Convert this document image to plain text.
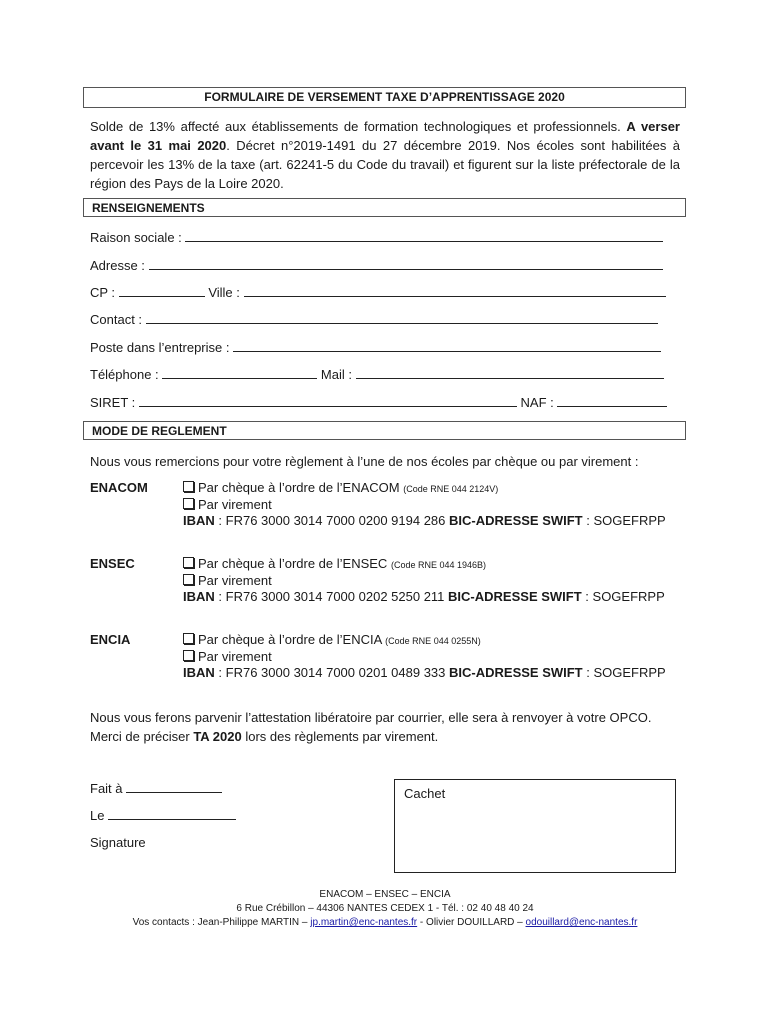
FORMULAIRE DE VERSEMENT TAXE D’APPRENTISSAGE 2020
Solde de 13% affecté aux établissements de formation technologiques et professionnels. A verser avant le 31 mai 2020. Décret n°2019-1491 du 27 décembre 2019. Nos écoles sont habilitées à percevoir les 13% de la taxe (art. 62241-5 du Code du travail) et figurent sur la liste préfectorale de la région des Pays de la Loire 2020.
RENSEIGNEMENTS
Raison sociale :
Adresse :
CP :	Ville :
Contact :
Poste dans l’entreprise :
Téléphone :	Mail :
SIRET :	NAF :
MODE DE REGLEMENT
Nous vous remercions pour votre règlement à l’une de nos écoles par chèque ou par virement :
ENACOM	Par chèque à l’ordre de l’ENACOM (Code RNE 044 2124V)
Par virement
IBAN : FR76 3000 3014 7000 0200 9194 286 BIC-ADRESSE SWIFT : SOGEFRPP
ENSEC	Par chèque à l’ordre de l’ENSEC (Code RNE 044 1946B)
Par virement
IBAN : FR76 3000 3014 7000 0202 5250 211 BIC-ADRESSE SWIFT : SOGEFRPP
ENCIA	Par chèque à l’ordre de l’ENCIA (Code RNE 044 0255N)
Par virement
IBAN : FR76 3000 3014 7000 0201 0489 333 BIC-ADRESSE SWIFT : SOGEFRPP
Nous vous ferons parvenir l’attestation libératoire par courrier, elle sera à renvoyer à votre OPCO.
Merci de préciser TA 2020 lors des règlements par virement.
Fait à
Le
Signature
Cachet
ENACOM – ENSEC – ENCIA
6 Rue Crébillon – 44306 NANTES CEDEX 1 - Tél. : 02 40 48 40 24
Vos contacts : Jean-Philippe MARTIN – jp.martin@enc-nantes.fr - Olivier DOUILLARD – odouillard@enc-nantes.fr
